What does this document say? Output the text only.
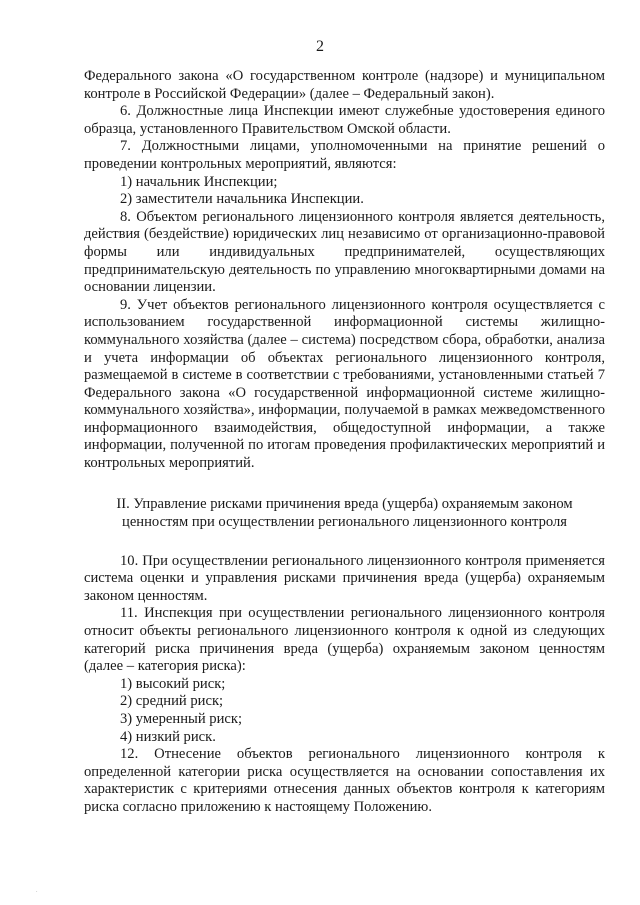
2

Федерального закона «О государственном контроле (надзоре) и муниципальном контроле в Российской Федерации» (далее – Федеральный закон).

6. Должностные лица Инспекции имеют служебные удостоверения единого образца, установленного Правительством Омской области.

7. Должностными лицами, уполномоченными на принятие решений о проведении контрольных мероприятий, являются:

1) начальник Инспекции;

2) заместители начальника Инспекции.

8. Объектом регионального лицензионного контроля является деятельность, действия (бездействие) юридических лиц независимо от организационно-правовой формы или индивидуальных предпринимателей, осуществляющих предпринимательскую деятельность по управлению многоквартирными домами на основании лицензии.

9. Учет объектов регионального лицензионного контроля осуществляется с использованием государственной информационной системы жилищно-коммунального хозяйства (далее – система) посредством сбора, обработки, анализа и учета информации об объектах регионального лицензионного контроля, размещаемой в системе в соответствии с требованиями, установленными статьей 7 Федерального закона «О государственной информационной системе жилищно-коммунального хозяйства», информации, получаемой в рамках межведомственного информационного взаимодействия, общедоступной информации, а также информации, полученной по итогам проведения профилактических мероприятий и контрольных мероприятий.

II. Управление рисками причинения вреда (ущерба) охраняемым законом
ценностям при осуществлении регионального лицензионного контроля

10. При осуществлении регионального лицензионного контроля применяется система оценки и управления рисками причинения вреда (ущерба) охраняемым законом ценностям.

11. Инспекция при осуществлении регионального лицензионного контроля относит объекты регионального лицензионного контроля к одной из следующих категорий риска причинения вреда (ущерба) охраняемым законом ценностям (далее – категория риска):

1) высокий риск;

2) средний риск;

3) умеренный риск;

4) низкий риск.

12. Отнесение объектов регионального лицензионного контроля к определенной категории риска осуществляется на основании сопоставления их характеристик с критериями отнесения данных объектов контроля к категориям риска согласно приложению к настоящему Положению.

.
